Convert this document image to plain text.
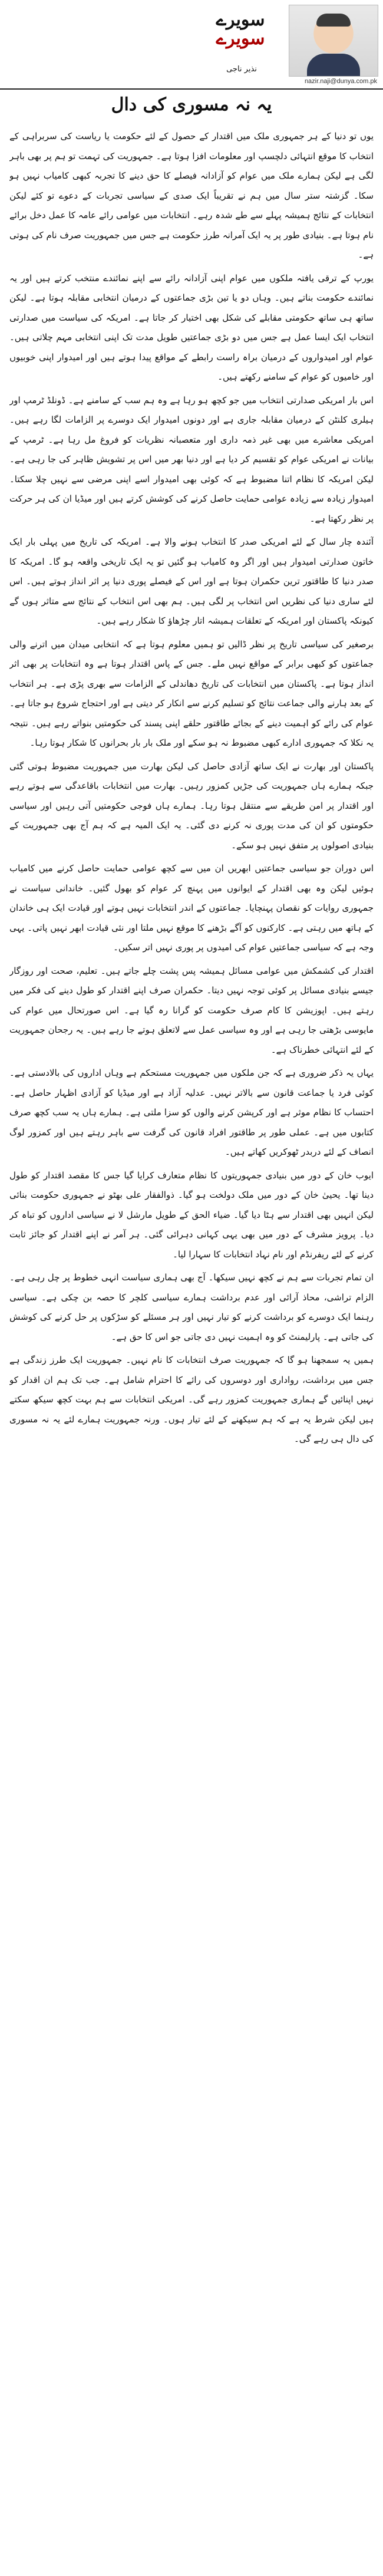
سویرے
سویرے
نذیر ناجی
nazir.naji@dunya.com.pk
یہ نہ مسوری کی دال

یوں تو دنیا کے ہر جمہوری ملک میں اقتدار کے حصول کے لئے حکومت یا ریاست کی سربراہی کے انتخاب کا موقع انتہائی دلچسپ اور معلومات افزا ہوتا ہے۔ جمہوریت کی تہمت تو ہم پر بھی باہر لگی ہے لیکن ہمارے ملک میں عوام کو آزادانہ فیصلے کا حق دینے کا تجربہ کبھی کامیاب نہیں ہو سکا۔ گزشتہ ستر سال میں ہم نے تقریباً ایک صدی کے سیاسی تجربات کے دعوے تو کئے لیکن انتخابات کے نتائج ہمیشہ پہلے سے طے شدہ رہے۔ انتخابات میں عوامی رائے عامہ کا عمل دخل برائے نام ہوتا ہے۔ بنیادی طور پر یہ ایک آمرانہ طرز حکومت ہے جس میں جمہوریت صرف نام کی ہوتی ہے۔

یورپ کے ترقی یافتہ ملکوں میں عوام اپنی آزادانہ رائے سے اپنے نمائندے منتخب کرتے ہیں اور یہ نمائندے حکومت بناتے ہیں۔ وہاں دو یا تین بڑی جماعتوں کے درمیان انتخابی مقابلہ ہوتا ہے۔ لیکن ساتھ ہی ساتھ حکومتی مقابلے کی شکل بھی اختیار کر جاتا ہے۔ امریکہ کی سیاست میں صدارتی انتخاب ایک ایسا عمل ہے جس میں دو بڑی جماعتیں طویل مدت تک اپنی انتخابی مہم چلاتی ہیں۔ عوام اور امیدواروں کے درمیان براہ راست رابطے کے مواقع پیدا ہوتے ہیں اور امیدوار اپنی خوبیوں اور خامیوں کو عوام کے سامنے رکھتے ہیں۔

اس بار امریکی صدارتی انتخاب میں جو کچھ ہو رہا ہے وہ ہم سب کے سامنے ہے۔ ڈونلڈ ٹرمپ اور ہیلری کلنٹن کے درمیان مقابلہ جاری ہے اور دونوں امیدوار ایک دوسرے پر الزامات لگا رہے ہیں۔ امریکی معاشرے میں بھی غیر ذمہ داری اور متعصبانہ نظریات کو فروغ مل رہا ہے۔ ٹرمپ کے بیانات نے امریکی عوام کو تقسیم کر دیا ہے اور دنیا بھر میں اس پر تشویش ظاہر کی جا رہی ہے۔ لیکن امریکہ کا نظام اتنا مضبوط ہے کہ کوئی بھی امیدوار اسے اپنی مرضی سے نہیں چلا سکتا۔ امیدوار زیادہ سے زیادہ عوامی حمایت حاصل کرنے کی کوشش کرتے ہیں اور میڈیا ان کی ہر حرکت پر نظر رکھتا ہے۔

آئندہ چار سال کے لئے امریکی صدر کا انتخاب ہونے والا ہے۔ امریکہ کی تاریخ میں پہلی بار ایک خاتون صدارتی امیدوار ہیں اور اگر وہ کامیاب ہو گئیں تو یہ ایک تاریخی واقعہ ہو گا۔ امریکہ کا صدر دنیا کا طاقتور ترین حکمران ہوتا ہے اور اس کے فیصلے پوری دنیا پر اثر انداز ہوتے ہیں۔ اس لئے ساری دنیا کی نظریں اس انتخاب پر لگی ہیں۔ ہم بھی اس انتخاب کے نتائج سے متاثر ہوں گے کیونکہ پاکستان اور امریکہ کے تعلقات ہمیشہ اتار چڑھاؤ کا شکار رہے ہیں۔

برصغیر کی سیاسی تاریخ پر نظر ڈالیں تو ہمیں معلوم ہوتا ہے کہ انتخابی میدان میں اترنے والی جماعتوں کو کبھی برابر کے مواقع نہیں ملے۔ جس کے پاس اقتدار ہوتا ہے وہ انتخابات پر بھی اثر انداز ہوتا ہے۔ پاکستان میں انتخابات کی تاریخ دھاندلی کے الزامات سے بھری پڑی ہے۔ ہر انتخاب کے بعد ہارنے والی جماعت نتائج کو تسلیم کرنے سے انکار کر دیتی ہے اور احتجاج شروع ہو جاتا ہے۔ عوام کی رائے کو اہمیت دینے کے بجائے طاقتور حلقے اپنی پسند کی حکومتیں بنواتے رہے ہیں۔ نتیجہ یہ نکلا کہ جمہوری ادارے کبھی مضبوط نہ ہو سکے اور ملک بار بار بحرانوں کا شکار ہوتا رہا۔

پاکستان اور بھارت نے ایک ساتھ آزادی حاصل کی لیکن بھارت میں جمہوریت مضبوط ہوتی گئی جبکہ ہمارے ہاں جمہوریت کی جڑیں کمزور رہیں۔ بھارت میں انتخابات باقاعدگی سے ہوتے رہے اور اقتدار پر امن طریقے سے منتقل ہوتا رہا۔ ہمارے ہاں فوجی حکومتیں آتی رہیں اور سیاسی حکومتوں کو ان کی مدت پوری نہ کرنے دی گئی۔ یہ ایک المیہ ہے کہ ہم آج بھی جمہوریت کے بنیادی اصولوں پر متفق نہیں ہو سکے۔

اس دوران جو سیاسی جماعتیں ابھریں ان میں سے کچھ عوامی حمایت حاصل کرنے میں کامیاب ہوئیں لیکن وہ بھی اقتدار کے ایوانوں میں پہنچ کر عوام کو بھول گئیں۔ خاندانی سیاست نے جمہوری روایات کو نقصان پہنچایا۔ جماعتوں کے اندر انتخابات نہیں ہوتے اور قیادت ایک ہی خاندان کے ہاتھ میں رہتی ہے۔ کارکنوں کو آگے بڑھنے کا موقع نہیں ملتا اور نئی قیادت ابھر نہیں پاتی۔ یہی وجہ ہے کہ سیاسی جماعتیں عوام کی امیدوں پر پوری نہیں اتر سکیں۔

اقتدار کی کشمکش میں عوامی مسائل ہمیشہ پس پشت چلے جاتے ہیں۔ تعلیم، صحت اور روزگار جیسے بنیادی مسائل پر کوئی توجہ نہیں دیتا۔ حکمران صرف اپنے اقتدار کو طول دینے کی فکر میں رہتے ہیں۔ اپوزیشن کا کام صرف حکومت کو گرانا رہ گیا ہے۔ اس صورتحال میں عوام کی مایوسی بڑھتی جا رہی ہے اور وہ سیاسی عمل سے لاتعلق ہوتے جا رہے ہیں۔ یہ رجحان جمہوریت کے لئے انتہائی خطرناک ہے۔

یہاں یہ ذکر ضروری ہے کہ جن ملکوں میں جمہوریت مستحکم ہے وہاں اداروں کی بالادستی ہے۔ کوئی فرد یا جماعت قانون سے بالاتر نہیں۔ عدلیہ آزاد ہے اور میڈیا کو آزادی اظہار حاصل ہے۔ احتساب کا نظام موثر ہے اور کرپشن کرنے والوں کو سزا ملتی ہے۔ ہمارے ہاں یہ سب کچھ صرف کتابوں میں ہے۔ عملی طور پر طاقتور افراد قانون کی گرفت سے باہر رہتے ہیں اور کمزور لوگ انصاف کے لئے دربدر ٹھوکریں کھاتے ہیں۔

ایوب خان کے دور میں بنیادی جمہوریتوں کا نظام متعارف کرایا گیا جس کا مقصد اقتدار کو طول دینا تھا۔ یحییٰ خان کے دور میں ملک دولخت ہو گیا۔ ذوالفقار علی بھٹو نے جمہوری حکومت بنائی لیکن انہیں بھی اقتدار سے ہٹا دیا گیا۔ ضیاء الحق کے طویل مارشل لا نے سیاسی اداروں کو تباہ کر دیا۔ پرویز مشرف کے دور میں بھی یہی کہانی دہرائی گئی۔ ہر آمر نے اپنے اقتدار کو جائز ثابت کرنے کے لئے ریفرنڈم اور نام نہاد انتخابات کا سہارا لیا۔

ان تمام تجربات سے ہم نے کچھ نہیں سیکھا۔ آج بھی ہماری سیاست انہی خطوط پر چل رہی ہے۔ الزام تراشی، محاذ آرائی اور عدم برداشت ہمارے سیاسی کلچر کا حصہ بن چکی ہے۔ سیاسی رہنما ایک دوسرے کو برداشت کرنے کو تیار نہیں اور ہر مسئلے کو سڑکوں پر حل کرنے کی کوشش کی جاتی ہے۔ پارلیمنٹ کو وہ اہمیت نہیں دی جاتی جو اس کا حق ہے۔

ہمیں یہ سمجھنا ہو گا کہ جمہوریت صرف انتخابات کا نام نہیں۔ جمہوریت ایک طرز زندگی ہے جس میں برداشت، رواداری اور دوسروں کی رائے کا احترام شامل ہے۔ جب تک ہم ان اقدار کو نہیں اپنائیں گے ہماری جمہوریت کمزور رہے گی۔ امریکی انتخابات سے ہم بہت کچھ سیکھ سکتے ہیں لیکن شرط یہ ہے کہ ہم سیکھنے کے لئے تیار ہوں۔ ورنہ جمہوریت ہمارے لئے یہ نہ مسوری کی دال ہی رہے گی۔
